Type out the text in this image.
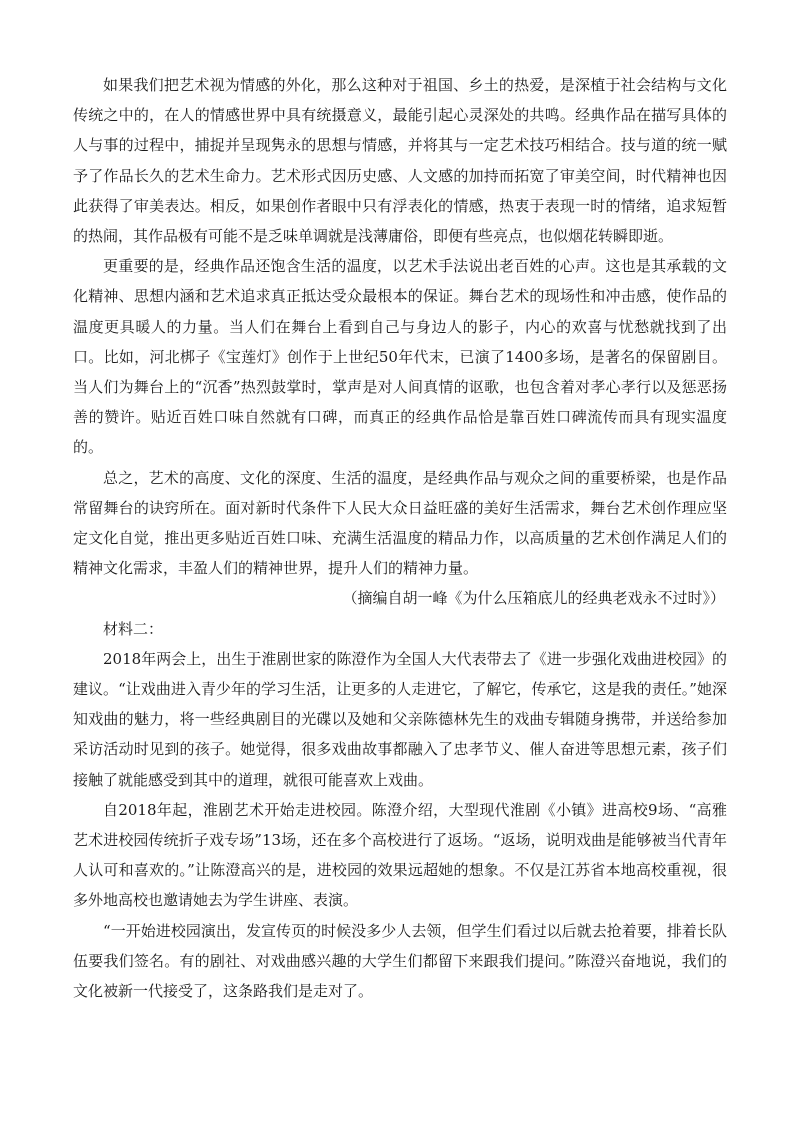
如果我们把艺术视为情感的外化，那么这种对于祖国、乡土的热爱，是深植于社会结构与文化传统之中的，在人的情感世界中具有统摄意义，最能引起心灵深处的共鸣。经典作品在描写具体的人与事的过程中，捕捉并呈现隽永的思想与情感，并将其与一定艺术技巧相结合。技与道的统一赋予了作品长久的艺术生命力。艺术形式因历史感、人文感的加持而拓宽了审美空间，时代精神也因此获得了审美表达。相反，如果创作者眼中只有浮表化的情感，热衷于表现一时的情绪，追求短暂的热闹，其作品极有可能不是乏味单调就是浅薄庸俗，即便有些亮点，也似烟花转瞬即逝。

更重要的是，经典作品还饱含生活的温度，以艺术手法说出老百姓的心声。这也是其承载的文化精神、思想内涵和艺术追求真正抵达受众最根本的保证。舞台艺术的现场性和冲击感，使作品的温度更具暖人的力量。当人们在舞台上看到自己与身边人的影子，内心的欢喜与忧愁就找到了出口。比如，河北梆子《宝莲灯》创作于上世纪50年代末，已演了1400多场，是著名的保留剧目。当人们为舞台上的“沉香”热烈鼓掌时，掌声是对人间真情的讴歌，也包含着对孝心孝行以及惩恶扬善的赞许。贴近百姓口味自然就有口碑，而真正的经典作品恰是靠百姓口碑流传而具有现实温度的。

总之，艺术的高度、文化的深度、生活的温度，是经典作品与观众之间的重要桥梁，也是作品常留舞台的诀窍所在。面对新时代条件下人民大众日益旺盛的美好生活需求，舞台艺术创作理应坚定文化自觉，推出更多贴近百姓口味、充满生活温度的精品力作，以高质量的艺术创作满足人们的精神文化需求，丰盈人们的精神世界，提升人们的精神力量。

（摘编自胡一峰《为什么压箱底儿的经典老戏永不过时》）

材料二：

2018年两会上，出生于淮剧世家的陈澄作为全国人大代表带去了《进一步强化戏曲进校园》的建议。“让戏曲进入青少年的学习生活，让更多的人走进它，了解它，传承它，这是我的责任。”她深知戏曲的魅力，将一些经典剧目的光碟以及她和父亲陈德林先生的戏曲专辑随身携带，并送给参加采访活动时见到的孩子。她觉得，很多戏曲故事都融入了忠孝节义、催人奋进等思想元素，孩子们接触了就能感受到其中的道理，就很可能喜欢上戏曲。

自2018年起，淮剧艺术开始走进校园。陈澄介绍，大型现代淮剧《小镇》进高校9场、“高雅艺术进校园传统折子戏专场”13场，还在多个高校进行了返场。“返场，说明戏曲是能够被当代青年人认可和喜欢的。”让陈澄高兴的是，进校园的效果远超她的想象。不仅是江苏省本地高校重视，很多外地高校也邀请她去为学生讲座、表演。

“一开始进校园演出，发宣传页的时候没多少人去领，但学生们看过以后就去抢着要，排着长队伍要我们签名。有的剧社、对戏曲感兴趣的大学生们都留下来跟我们提问。”陈澄兴奋地说，我们的文化被新一代接受了，这条路我们是走对了。
